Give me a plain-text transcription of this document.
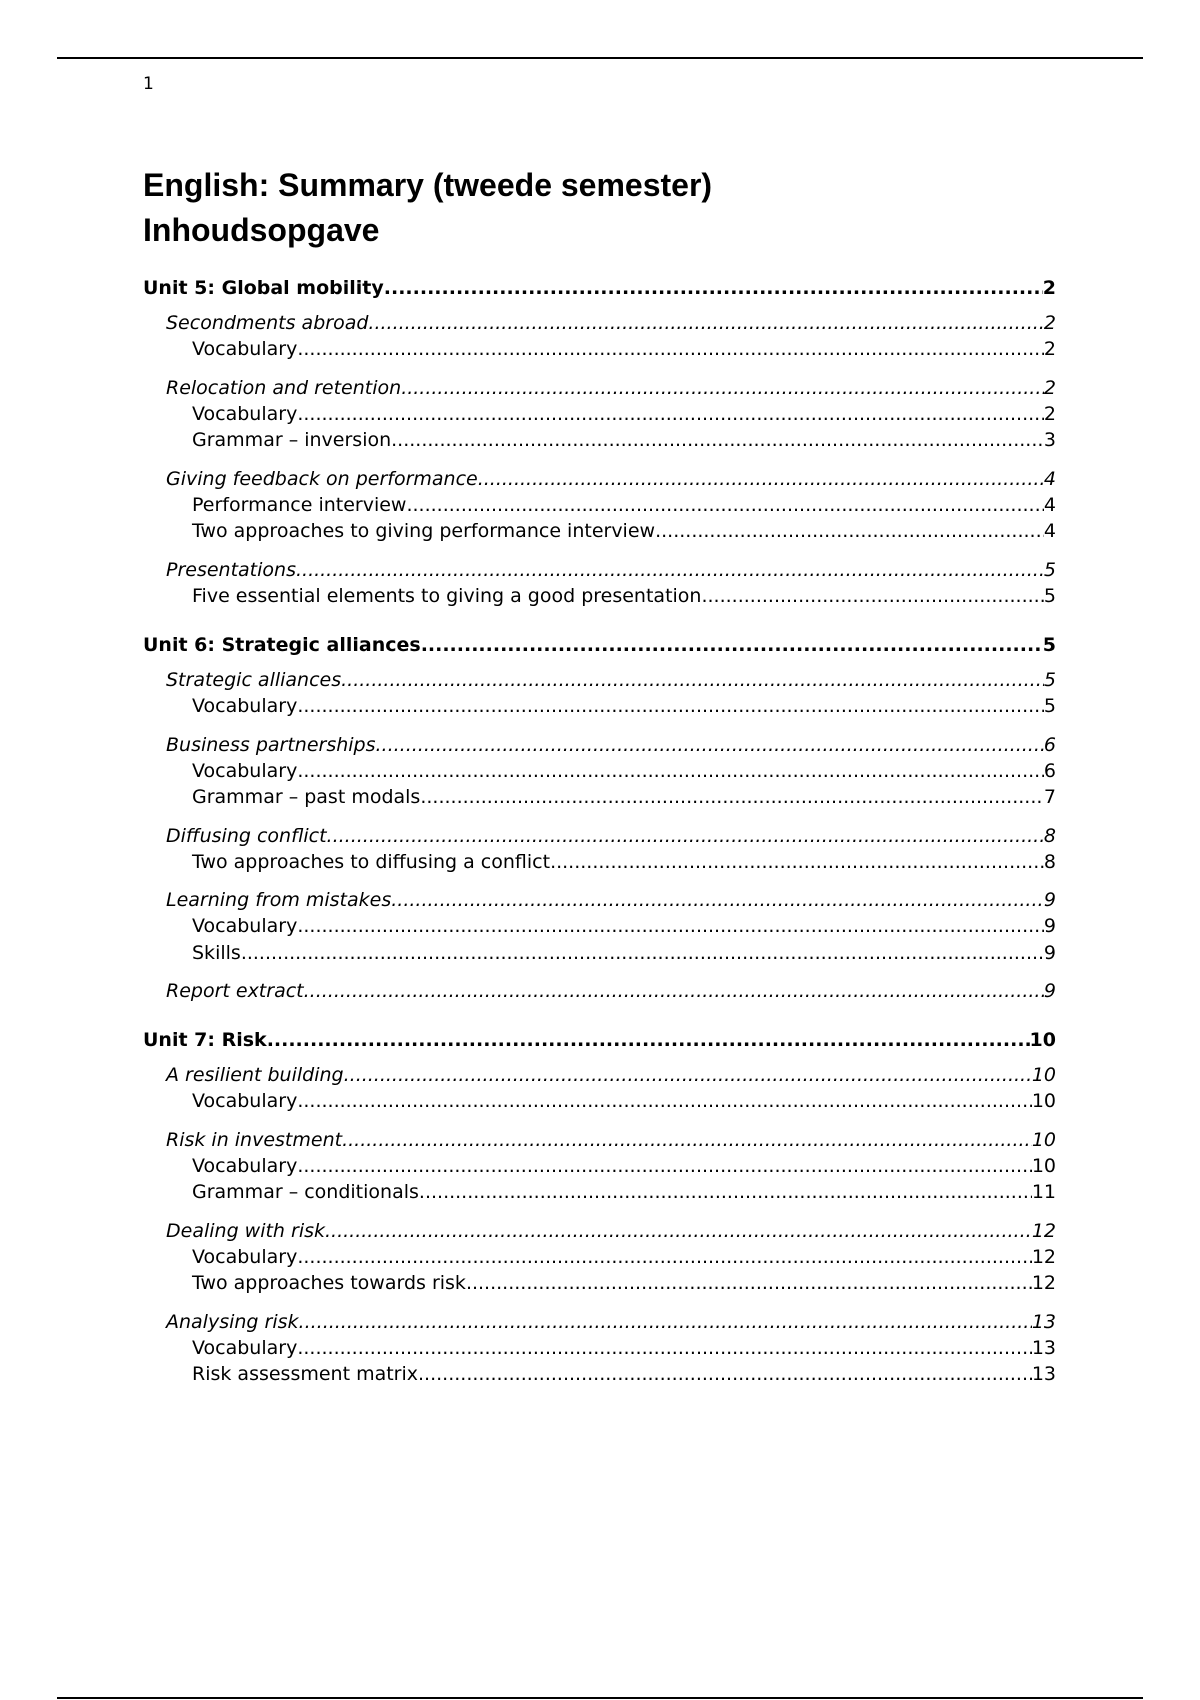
1
English: Summary (tweede semester)
Inhoudsopgave
Unit 5: Global mobility .....	2
Secondments abroad .....	2
Vocabulary .....	2
Relocation and retention .....	2
Vocabulary .....	2
Grammar – inversion .....	3
Giving feedback on performance .....	4
Performance interview .....	4
Two approaches to giving performance interview .....	4
Presentations .....	5
Five essential elements to giving a good presentation .....	5
Unit 6: Strategic alliances .....	5
Strategic alliances .....	5
Vocabulary .....	5
Business partnerships .....	6
Vocabulary .....	6
Grammar – past modals .....	7
Diffusing conflict .....	8
Two approaches to diffusing a conflict .....	8
Learning from mistakes .....	9
Vocabulary .....	9
Skills .....	9
Report extract .....	9
Unit 7: Risk .....	10
A resilient building .....	10
Vocabulary .....	10
Risk in investment .....	10
Vocabulary .....	10
Grammar – conditionals .....	11
Dealing with risk .....	12
Vocabulary .....	12
Two approaches towards risk .....	12
Analysing risk .....	13
Vocabulary .....	13
Risk assessment matrix .....	13
